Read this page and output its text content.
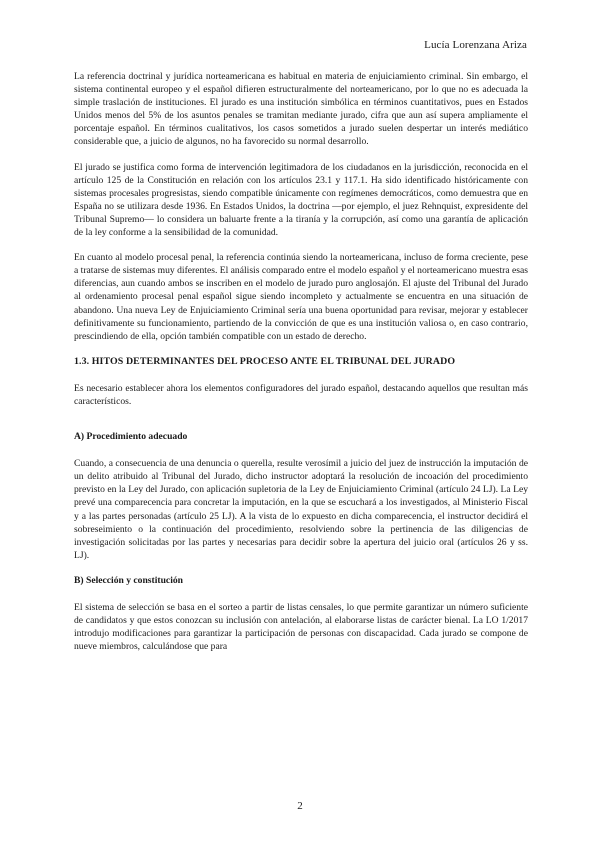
Lucía Lorenzana Ariza

La referencia doctrinal y jurídica norteamericana es habitual en materia de enjuiciamiento criminal. Sin embargo, el sistema continental europeo y el español difieren estructuralmente del norteamericano, por lo que no es adecuada la simple traslación de instituciones. El jurado es una institución simbólica en términos cuantitativos, pues en Estados Unidos menos del 5% de los asuntos penales se tramitan mediante jurado, cifra que aun así supera ampliamente el porcentaje español. En términos cualitativos, los casos sometidos a jurado suelen despertar un interés mediático considerable que, a juicio de algunos, no ha favorecido su normal desarrollo.

El jurado se justifica como forma de intervención legitimadora de los ciudadanos en la jurisdicción, reconocida en el artículo 125 de la Constitución en relación con los artículos 23.1 y 117.1. Ha sido identificado históricamente con sistemas procesales progresistas, siendo compatible únicamente con regímenes democráticos, como demuestra que en España no se utilizara desde 1936. En Estados Unidos, la doctrina —por ejemplo, el juez Rehnquist, expresidente del Tribunal Supremo— lo considera un baluarte frente a la tiranía y la corrupción, así como una garantía de aplicación de la ley conforme a la sensibilidad de la comunidad.

En cuanto al modelo procesal penal, la referencia continúa siendo la norteamericana, incluso de forma creciente, pese a tratarse de sistemas muy diferentes. El análisis comparado entre el modelo español y el norteamericano muestra esas diferencias, aun cuando ambos se inscriben en el modelo de jurado puro anglosajón. El ajuste del Tribunal del Jurado al ordenamiento procesal penal español sigue siendo incompleto y actualmente se encuentra en una situación de abandono. Una nueva Ley de Enjuiciamiento Criminal sería una buena oportunidad para revisar, mejorar y establecer definitivamente su funcionamiento, partiendo de la convicción de que es una institución valiosa o, en caso contrario, prescindiendo de ella, opción también compatible con un estado de derecho.

1.3. HITOS DETERMINANTES DEL PROCESO ANTE EL TRIBUNAL DEL JURADO

Es necesario establecer ahora los elementos configuradores del jurado español, destacando aquellos que resultan más característicos.

A) Procedimiento adecuado

Cuando, a consecuencia de una denuncia o querella, resulte verosímil a juicio del juez de instrucción la imputación de un delito atribuido al Tribunal del Jurado, dicho instructor adoptará la resolución de incoación del procedimiento previsto en la Ley del Jurado, con aplicación supletoria de la Ley de Enjuiciamiento Criminal (artículo 24 LJ). La Ley prevé una comparecencia para concretar la imputación, en la que se escuchará a los investigados, al Ministerio Fiscal y a las partes personadas (artículo 25 LJ). A la vista de lo expuesto en dicha comparecencia, el instructor decidirá el sobreseimiento o la continuación del procedimiento, resolviendo sobre la pertinencia de las diligencias de investigación solicitadas por las partes y necesarias para decidir sobre la apertura del juicio oral (artículos 26 y ss. LJ).

B) Selección y constitución

El sistema de selección se basa en el sorteo a partir de listas censales, lo que permite garantizar un número suficiente de candidatos y que estos conozcan su inclusión con antelación, al elaborarse listas de carácter bienal. La LO 1/2017 introdujo modificaciones para garantizar la participación de personas con discapacidad. Cada jurado se compone de nueve miembros, calculándose que para

2
